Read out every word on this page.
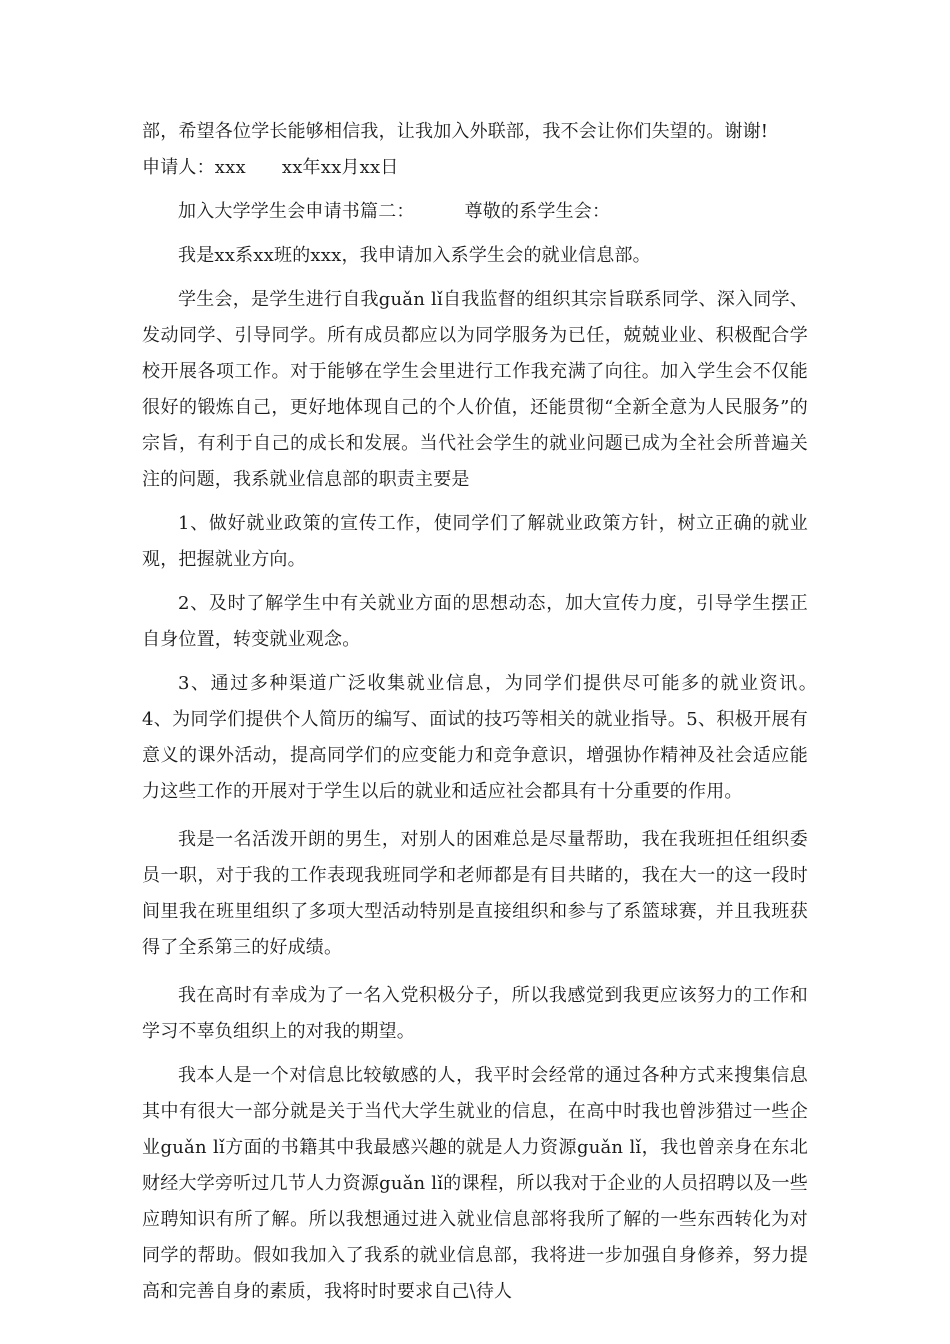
部，希望各位学长能够相信我，让我加入外联部，我不会让你们失望的。谢谢!

申请人：xxx xx年xx月xx日

加入大学学生会申请书篇二：	尊敬的系学生会：

我是xx系xx班的xxx，我申请加入系学生会的就业信息部。

学生会，是学生进行自我guǎn lǐ自我监督的组织其宗旨联系同学、深入同学、发动同学、引导同学。所有成员都应以为同学服务为已任，兢兢业业、积极配合学校开展各项工作。对于能够在学生会里进行工作我充满了向往。加入学生会不仅能很好的锻炼自己，更好地体现自己的个人价值，还能贯彻“全新全意为人民服务”的宗旨，有利于自己的成长和发展。当代社会学生的就业问题已成为全社会所普遍关注的问题，我系就业信息部的职责主要是

1、做好就业政策的宣传工作，使同学们了解就业政策方针，树立正确的就业观，把握就业方向。

2、及时了解学生中有关就业方面的思想动态，加大宣传力度，引导学生摆正自身位置，转变就业观念。

3、通过多种渠道广泛收集就业信息，为同学们提供尽可能多的就业资讯。　　4、为同学们提供个人简历的编写、面试的技巧等相关的就业指导。5、积极开展有意义的课外活动，提高同学们的应变能力和竞争意识，增强协作精神及社会适应能力这些工作的开展对于学生以后的就业和适应社会都具有十分重要的作用。

我是一名活泼开朗的男生，对别人的困难总是尽量帮助，我在我班担任组织委员一职，对于我的工作表现我班同学和老师都是有目共睹的，我在大一的这一段时间里我在班里组织了多项大型活动特别是直接组织和参与了系篮球赛，并且我班获得了全系第三的好成绩。

我在高时有幸成为了一名入党积极分子，所以我感觉到我更应该努力的工作和学习不辜负组织上的对我的期望。

我本人是一个对信息比较敏感的人，我平时会经常的通过各种方式来搜集信息其中有很大一部分就是关于当代大学生就业的信息，在高中时我也曾涉猎过一些企业guǎn lǐ方面的书籍其中我最感兴趣的就是人力资源guǎn lǐ，我也曾亲身在东北财经大学旁听过几节人力资源guǎn lǐ的课程，所以我对于企业的人员招聘以及一些应聘知识有所了解。所以我想通过进入就业信息部将我所了解的一些东西转化为对同学的帮助。假如我加入了我系的就业信息部，我将进一步加强自身修养，努力提高和完善自身的素质，我将时时要求自己\待人
